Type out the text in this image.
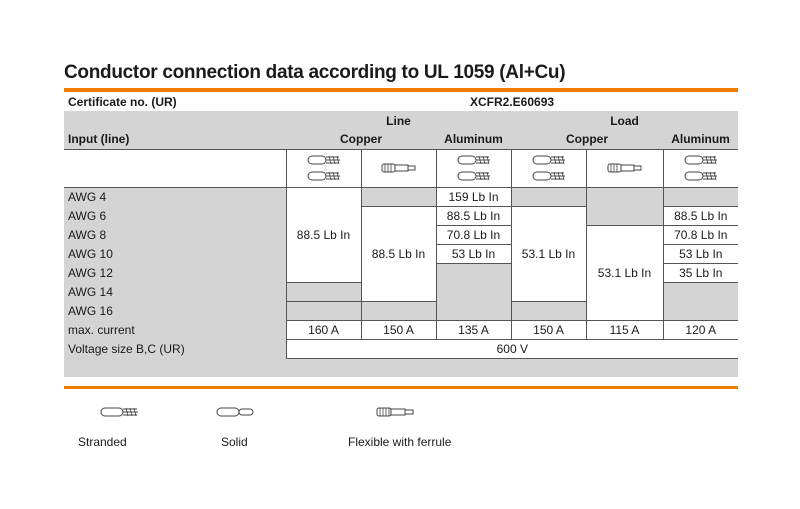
Conductor connection data according to UL 1059 (Al+Cu)
Certificate no. (UR)	XCFR2.E60693					
	Line			Load		
Input (line)	Copper		Aluminum	Copper		Aluminum

AWG 4	88.5 Lb In		159 Lb In			
AWG 6		88.5 Lb In	88.5 Lb In	53.1 Lb In		88.5 Lb In
AWG 8			70.8 Lb In		53.1 Lb In	70.8 Lb In
AWG 10			53 Lb In			53 Lb In
AWG 12						35 Lb In
AWG 14						
AWG 16						
max. current	160 A	150 A	135 A	150 A	115 A	120 A
Voltage size B,C (UR)	600 V					

Stranded	Solid	Flexible with ferrule
